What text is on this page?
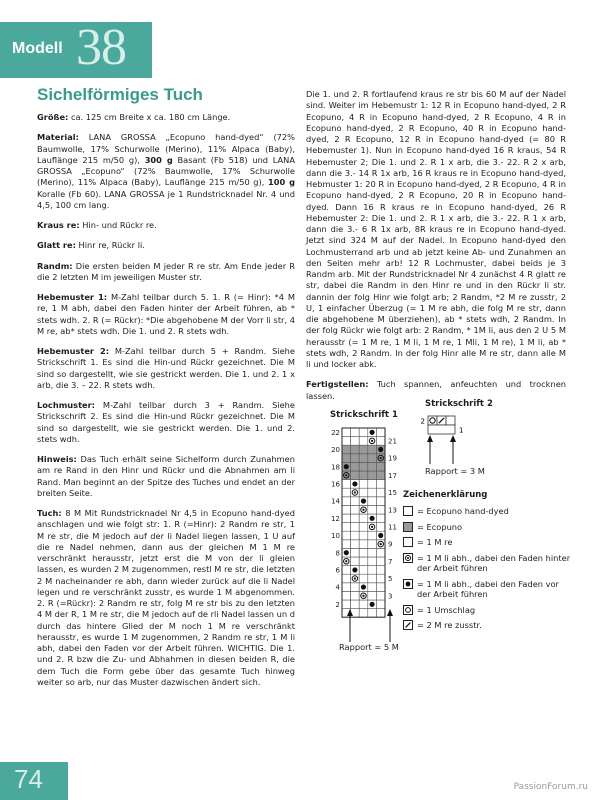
Modell 38
Sichelförmiges Tuch

Größe: ca. 125 cm Breite x ca. 180 cm Länge.

Material: LANA GROSSA „Ecopuno hand-dyed“ (72% Baumwolle, 17% Schurwolle (Merino), 11% Alpaca (Baby), Lauflänge 215 m/50 g), 300 g Basant (Fb 518) und LANA GROSSA „Ecopuno“ (72% Baumwolle, 17% Schurwolle (Merino), 11% Alpaca (Baby), Lauflänge 215 m/50 g), 100 g Koralle (Fb 60). LANA GROSSA je 1 Rundstricknadel Nr. 4 und 4,5, 100 cm lang.

Kraus re: Hin- und Rückr re.

Glatt re: Hinr re, Rückr li.

Randm: Die ersten beiden M jeder R re str. Am Ende jeder R die 2 letzten M im jeweiligen Muster str.

Hebemuster 1: M-Zahl teilbar durch 5. 1. R (= Hinr): *4 M re, 1 M abh, dabei den Faden hinter der Arbeit führen, ab * stets wdh. 2. R (= Rückr): *Die abgehobene M der Vorr li str, 4 M re, ab* stets wdh. Die 1. und 2. R stets wdh.

Hebemuster 2: M-Zahl teilbar durch 5 + Randm. Siehe Strickschrift 1. Es sind die Hin-und Rückr gezeichnet. Die M sind so dargestellt, wie sie gestrickt werden. Die 1. und 2. 1 x arb, die 3. – 22. R stets wdh.

Lochmuster: M-Zahl teilbar durch 3 + Randm. Siehe Strickschrift 2. Es sind die Hin-und Rückr gezeichnet. Die M sind so dargestellt, wie sie gestrickt werden. Die 1. und 2. stets wdh.

Hinweis: Das Tuch erhält seine Sichelform durch Zunahmen am re Rand in den Hinr und Rückr und die Abnahmen am li Rand. Man beginnt an der Spitze des Tuches und endet an der breiten Seite.

Tuch: 8 M Mit Rundstricknadel Nr 4,5 in Ecopuno hand-dyed anschlagen und wie folgt str: 1. R (=Hinr): 2 Randm re str, 1 M re str, die M jedoch auf der li Nadel liegen lassen, 1 U auf die re Nadel nehmen, dann aus der gleichen M 1 M re verschränkt herausstr, jetzt erst die M von der li gleien lassen, es wurden 2 M zugenommen, restl M re str, die letzten 2 M nacheinander re abh, dann wieder zurück auf die li Nadel legen und re verschränkt zusstr, es wurde 1 M abgenommen. 2. R (=Rückr): 2 Randm re str, folg M re str bis zu den letzten 4 M der R, 1 M re str, die M jedoch auf de rli Nadel lassen un d durch das hintere Glied der M noch 1 M re verschränkt herausstr, es wurde 1 M zugenommen, 2 Randm re str, 1 M li abh, dabei den Faden vor der Arbeit führen. WICHTIG. Die 1. und 2. R bzw die Zu- und Abhahmen in diesen beiden R, die dem Tuch die Form gebe über das gesamte Tuch hinweg weiter so arb, nur das Muster dazwischen ändert sich.

Die 1. und 2. R fortlaufend kraus re str bis 60 M auf der Nadel sind. Weiter im Hebemustr 1: 12 R in Ecopuno hand-dyed, 2 R Ecopuno, 4 R in Ecopuno hand-dyed, 2 R Ecopuno, 4 R in Ecopuno hand-dyed, 2 R Ecopuno, 40 R in Ecopuno hand-dyed, 2 R Ecopuno, 12 R in Ecopuno hand-dyed (= 80 R Hebemuster 1). Nun in Ecopuno hand-dyed 16 R kraus, 54 R Hebemuster 2; Die 1. und 2. R 1 x arb, die 3.- 22. R 2 x arb, dann die 3.- 14 R 1x arb, 16 R kraus re in Ecopuno hand-dyed, Hebmuster 1: 20 R in Ecopuno hand-dyed, 2 R Ecopuno, 4 R in Ecopuno hand-dyed, 2 R Ecopuno, 20 R in Ecopuno hand-dyed. Dann 16 R kraus re in Ecopuno hand-dyed, 26 R Hebemuster 2: Die 1. und 2. R 1 x arb, die 3.- 22. R 1 x arb, dann die 3.- 6 R 1x arb, 8R kraus re in Ecopuno hand-dyed. Jetzt sind 324 M auf der Nadel. In Ecopuno hand-dyed den Lochmusterrand arb und ab jetzt keine Ab- und Zunahmen an den Seiten mehr arb! 12 R Lochmuster, dabei beids je 3 Randm arb. Mit der Rundstricknadel Nr 4 zunächst 4 R glatt re str, dabei die Randm in den Hinr re und in den Rückr li str. dannin der folg Hinr wie folgt arb; 2 Randm, *2 M re zusstr, 2 U, 1 einfacher Überzug (= 1 M re abh, die folg M re str, dann die abgehobene M überziehen), ab * stets wdh, 2 Randm. In der folg Rückr wie folgt arb: 2 Randm, * 1M li, aus den 2 U 5 M herausstr (= 1 M re, 1 M li, 1 M re, 1 Mli, 1 M re), 1 M li, ab * stets wdh, 2 Randm. In der folg Hinr alle M re str, dann alle M li und locker abk.

Fertigstellen: Tuch spannen, anfeuchten und trocknen lassen.

Strickschrift 1
22
20
18
16
14
12
10
8
6
4
2
21
19
17
15
13
11
9
7
5
3
Rapport = 5 M
Strickschrift 2
2
1
Rapport = 3 M
Zeichenerklärung
= Ecopuno hand-dyed
= Ecopuno
= 1 M re
= 1 M li abh., dabei den Faden hinter der Arbeit führen
= 1 M li abh., dabei den Faden vor der Arbeit führen
= 1 Umschlag
= 2 M re zusstr.
74	PassionForum.ru
